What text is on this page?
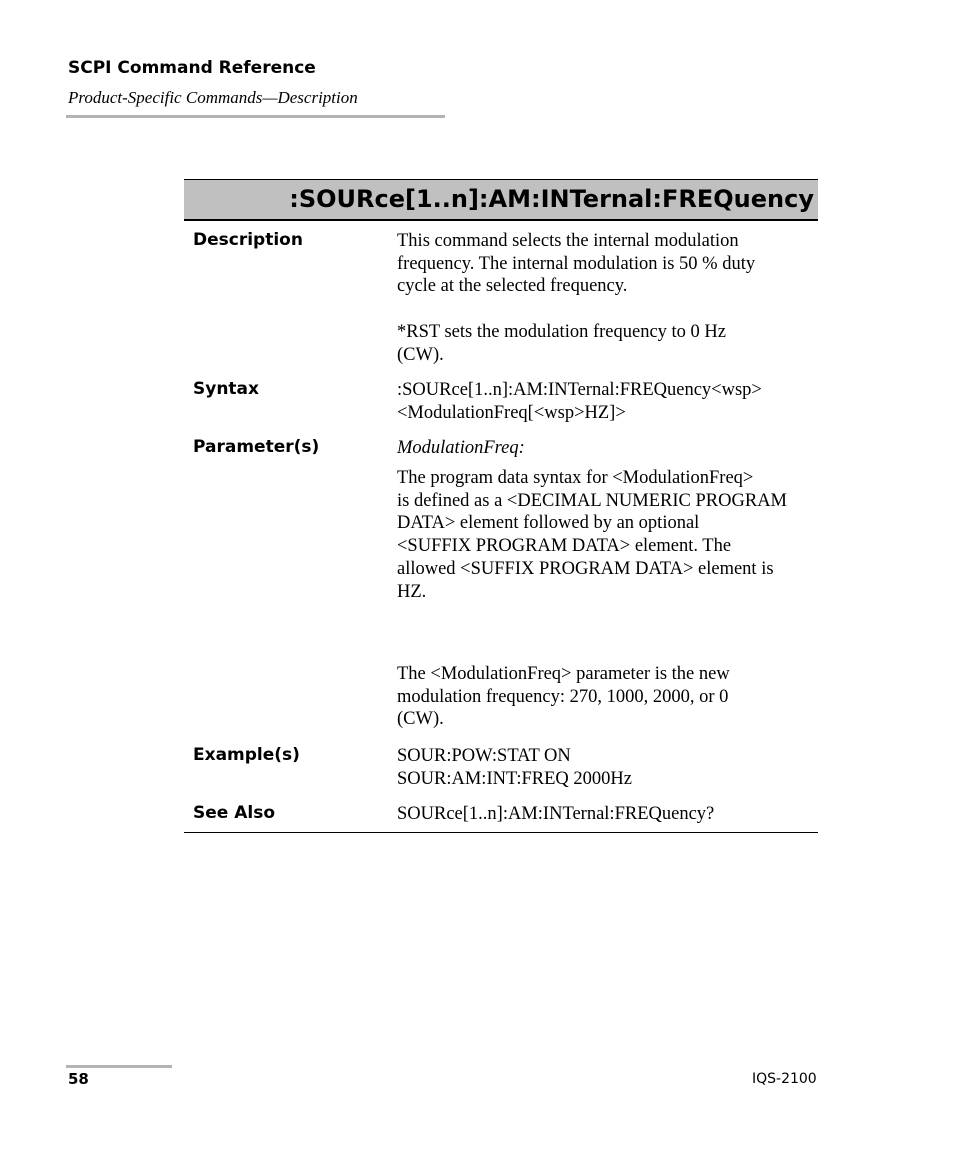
SCPI Command Reference
Product-Specific Commands—Description
:SOURce[1..n]:AM:INTernal:FREQuency
Description	This command selects the internal modulation

frequency. The internal modulation is 50 % duty

cycle at the selected frequency.

*RST sets the modulation frequency to 0 Hz

(CW).

Syntax	:SOURce[1..n]:AM:INTernal:FREQuency<wsp>

<ModulationFreq[<wsp>HZ]>

Parameter(s)	ModulationFreq:

The program data syntax for <ModulationFreq>

is defined as a <DECIMAL NUMERIC PROGRAM

DATA> element followed by an optional

<SUFFIX PROGRAM DATA> element. The

allowed <SUFFIX PROGRAM DATA> element is

HZ.

The <ModulationFreq> parameter is the new

modulation frequency: 270, 1000, 2000, or 0

(CW).

Example(s)	SOUR:POW:STAT ON

SOUR:AM:INT:FREQ 2000Hz

See Also	SOURce[1..n]:AM:INTernal:FREQuency?

58	IQS-2100
